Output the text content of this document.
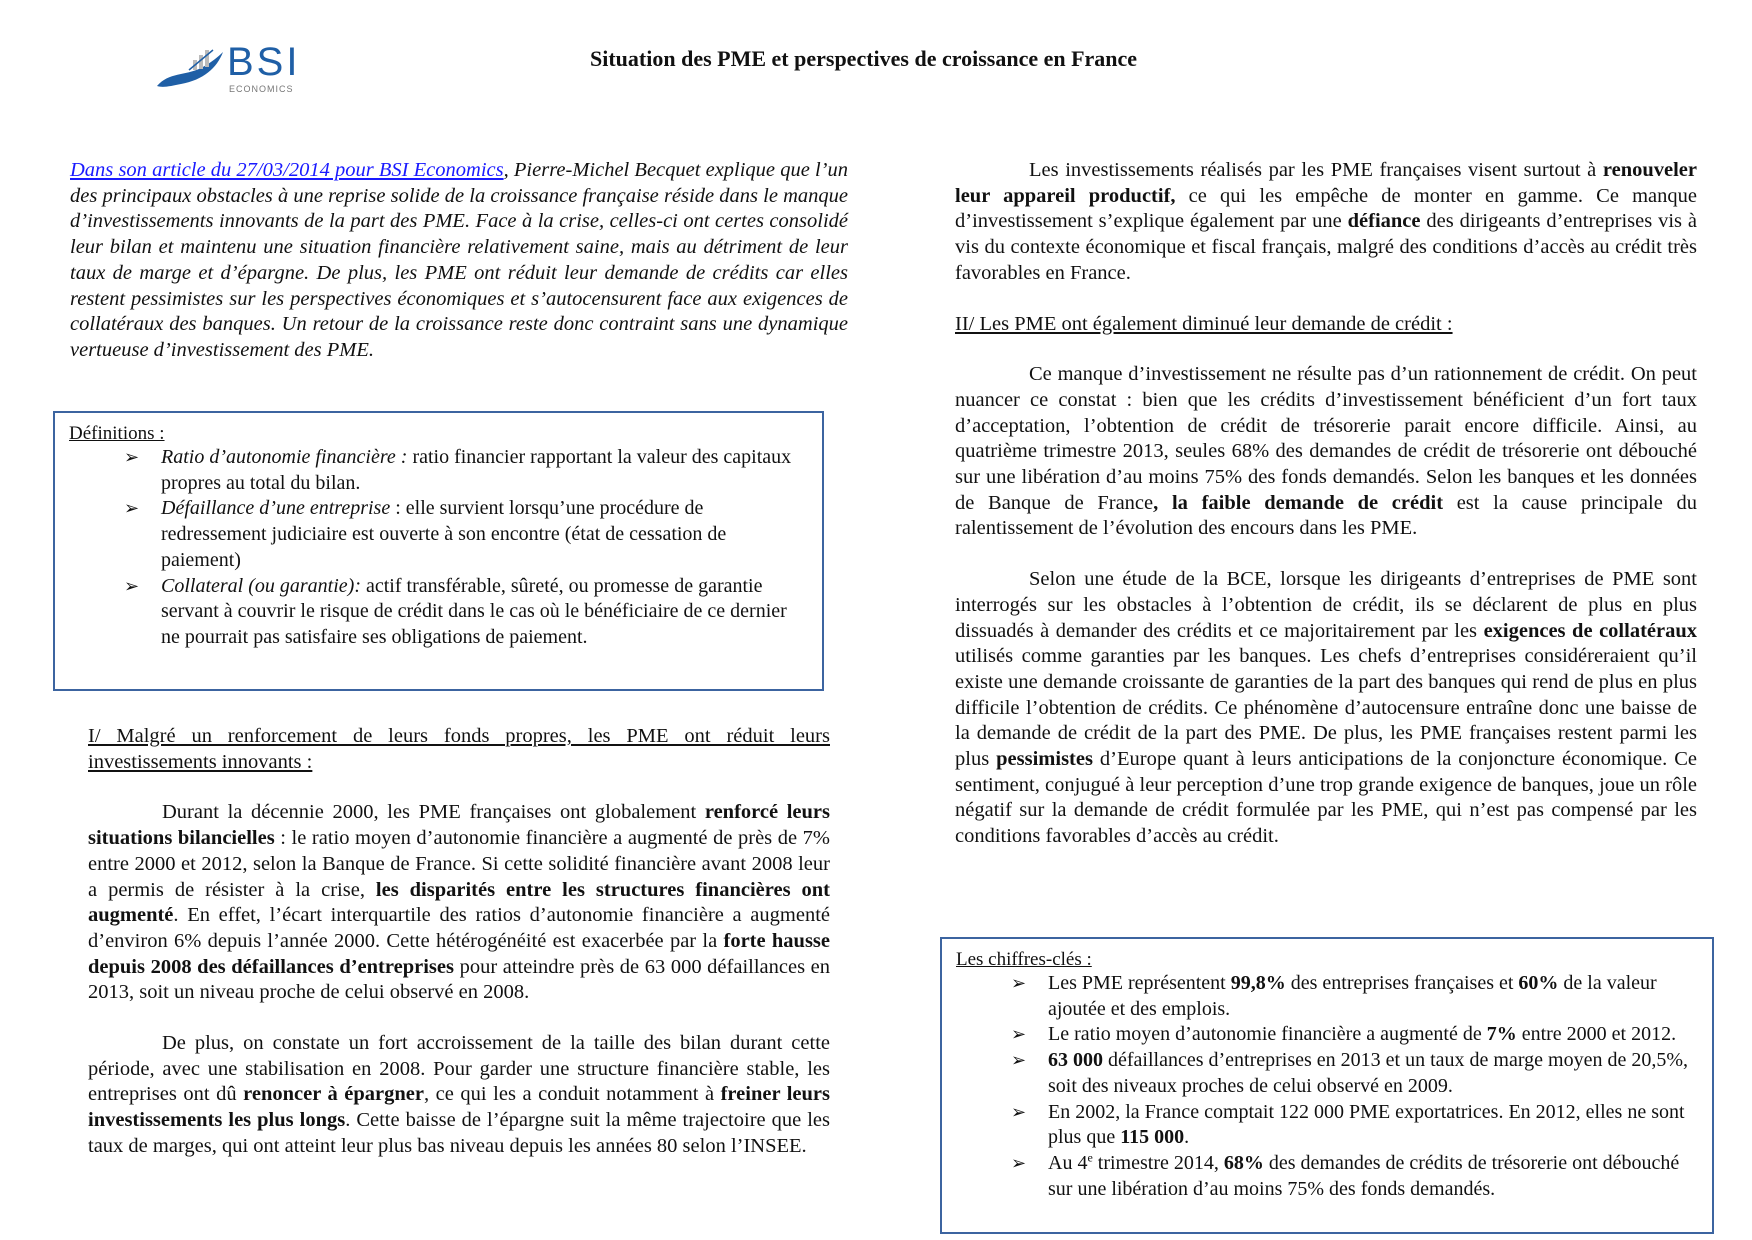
BSI
ECONOMICS
Situation des PME et perspectives de croissance en France
Dans son article du 27/03/2014 pour BSI Economics, Pierre-Michel Becquet explique que l’un des principaux obstacles à une reprise solide de la croissance française réside dans le manque d’investissements innovants de la part des PME. Face à la crise, celles-ci ont certes consolidé leur bilan et maintenu une situation financière relativement saine, mais au détriment de leur taux de marge et d’épargne. De plus, les PME ont réduit leur demande de crédits car elles restent pessimistes sur les perspectives économiques et s’autocensurent face aux exigences de collatéraux des banques. Un retour de la croissance reste donc contraint sans une dynamique vertueuse d’investissement des PME.
Définitions :
➢ Ratio d’autonomie financière : ratio financier rapportant la valeur des capitaux propres au total du bilan.
➢ Défaillance d’une entreprise : elle survient lorsqu’une procédure de redressement judiciaire est ouverte à son encontre (état de cessation de paiement)
➢ Collateral (ou garantie): actif transférable, sûreté, ou promesse de garantie servant à couvrir le risque de crédit dans le cas où le bénéficiaire de ce dernier ne pourrait pas satisfaire ses obligations de paiement.

I/ Malgré un renforcement de leurs fonds propres, les PME ont réduit leurs investissements innovants :

Durant la décennie 2000, les PME françaises ont globalement renforcé leurs situations bilancielles : le ratio moyen d’autonomie financière a augmenté de près de 7% entre 2000 et 2012, selon la Banque de France. Si cette solidité financière avant 2008 leur a permis de résister à la crise, les disparités entre les structures financières ont augmenté. En effet, l’écart interquartile des ratios d’autonomie financière a augmenté d’environ 6% depuis l’année 2000. Cette hétérogénéité est exacerbée par la forte hausse depuis 2008 des défaillances d’entreprises pour atteindre près de 63 000 défaillances en 2013, soit un niveau proche de celui observé en 2008.

De plus, on constate un fort accroissement de la taille des bilan durant cette période, avec une stabilisation en 2008. Pour garder une structure financière stable, les entreprises ont dû renoncer à épargner, ce qui les a conduit notamment à freiner leurs investissements les plus longs. Cette baisse de l’épargne suit la même trajectoire que les taux de marges, qui ont atteint leur plus bas niveau depuis les années 80 selon l’INSEE.

Les investissements réalisés par les PME françaises visent surtout à renouveler leur appareil productif, ce qui les empêche de monter en gamme. Ce manque d’investissement s’explique également par une défiance des dirigeants d’entreprises vis à vis du contexte économique et fiscal français, malgré des conditions d’accès au crédit très favorables en France.

II/ Les PME ont également diminué leur demande de crédit :

Ce manque d’investissement ne résulte pas d’un rationnement de crédit. On peut nuancer ce constat : bien que les crédits d’investissement bénéficient d’un fort taux d’acceptation, l’obtention de crédit de trésorerie parait encore difficile. Ainsi, au quatrième trimestre 2013, seules 68% des demandes de crédit de trésorerie ont débouché sur une libération d’au moins 75% des fonds demandés. Selon les banques et les données de Banque de France, la faible demande de crédit est la cause principale du ralentissement de l’évolution des encours dans les PME.

Selon une étude de la BCE, lorsque les dirigeants d’entreprises de PME sont interrogés sur les obstacles à l’obtention de crédit, ils se déclarent de plus en plus dissuadés à demander des crédits et ce majoritairement par les exigences de collatéraux utilisés comme garanties par les banques. Les chefs d’entreprises considéreraient qu’il existe une demande croissante de garanties de la part des banques qui rend de plus en plus difficile l’obtention de crédits. Ce phénomène d’autocensure entraîne donc une baisse de la demande de crédit de la part des PME. De plus, les PME françaises restent parmi les plus pessimistes d’Europe quant à leurs anticipations de la conjoncture économique. Ce sentiment, conjugué à leur perception d’une trop grande exigence de banques, joue un rôle négatif sur la demande de crédit formulée par les PME, qui n’est pas compensé par les conditions favorables d’accès au crédit.

Les chiffres-clés :
➢ Les PME représentent 99,8% des entreprises françaises et 60% de la valeur ajoutée et des emplois.
➢ Le ratio moyen d’autonomie financière a augmenté de 7% entre 2000 et 2012.
➢ 63 000 défaillances d’entreprises en 2013 et un taux de marge moyen de 20,5%, soit des niveaux proches de celui observé en 2009.
➢ En 2002, la France comptait 122 000 PME exportatrices. En 2012, elles ne sont plus que 115 000.
➢ Au 4e trimestre 2014, 68% des demandes de crédits de trésorerie ont débouché sur une libération d’au moins 75% des fonds demandés.
